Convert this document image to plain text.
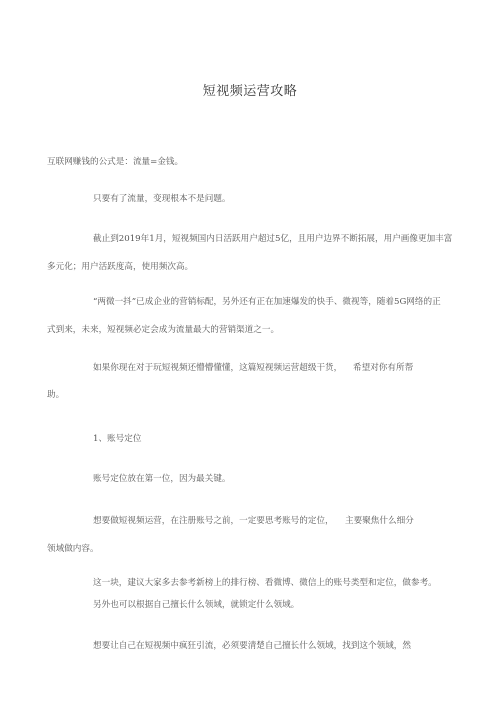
短视频运营攻略
互联网赚钱的公式是：流量=金钱。
只要有了流量，变现根本不是问题。
截止到2019年1月，短视频国内日活跃用户超过5亿，且用户边界不断拓展，用户画像更加丰富
多元化；用户活跃度高，使用频次高。
“两微一抖”已成企业的营销标配，另外还有正在加速爆发的快手、微视等，随着5G网络的正
式到来，未来，短视频必定会成为流量最大的营销渠道之一。
如果你现在对于玩短视频还懵懵懂懂，这篇短视频运营超级干货， 希望对你有所帮
助。
1、账号定位
账号定位放在第一位，因为最关键。
想要做短视频运营，在注册账号之前，一定要思考账号的定位， 主要聚焦什么细分
领域做内容。
这一块，建议大家多去参考新榜上的排行榜、看微博、微信上的账号类型和定位，做参考。
另外也可以根据自己擅长什么领域，就锁定什么领域。
想要让自己在短视频中疯狂引流，必须要清楚自己擅长什么领域，找到这个领域，然
